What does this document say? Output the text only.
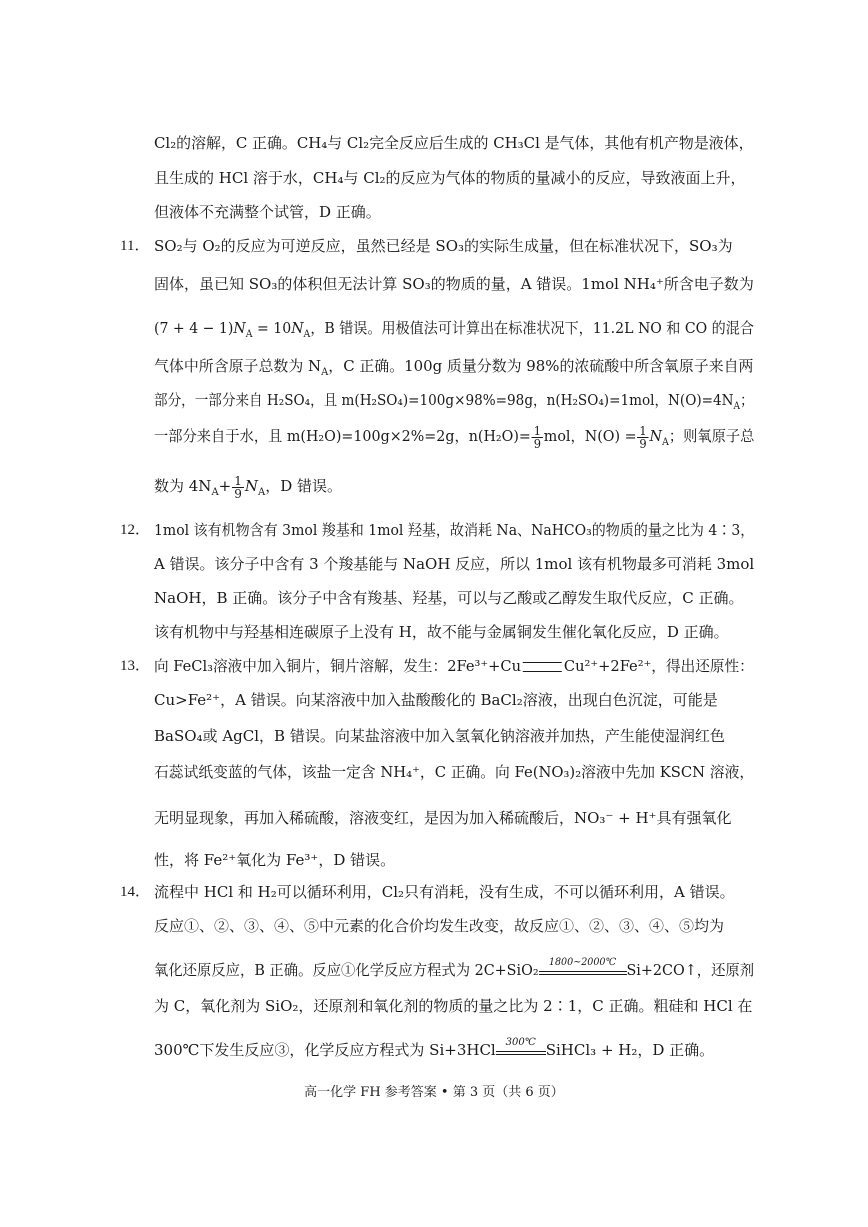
Cl₂的溶解，C 正确。CH₄与 Cl₂完全反应后生成的 CH₃Cl 是气体，其他有机产物是液体，
且生成的 HCl 溶于水，CH₄与 Cl₂的反应为气体的物质的量减小的反应，导致液面上升，
但液体不充满整个试管，D 正确。
11． SO₂与 O₂的反应为可逆反应，虽然已经是 SO₃的实际生成量，但在标准状况下，SO₃为
固体，虽已知 SO₃的体积但无法计算 SO₃的物质的量，A 错误。1mol NH₄⁺所含电子数为
$(7 + 4 - 1)N_A = 10N_A$，B 错误。用极值法可计算出在标准状况下，11.2L NO 和 CO 的混合
气体中所含原子总数为 $N_A$，C 正确。100g 质量分数为 98%的浓硫酸中所含氧原子来自两
部分，一部分来自 H₂SO₄，且 m(H₂SO₄)=100g×98%=98g，n(H₂SO₄)=1mol，$N(O)=4N_A$；
一部分来自于水，且 m(H₂O)=100g×2%=2g，$n(H_2O)= \frac{1}{9}$ mol，$N(O) = \frac{1}{9} N_A$；则氧原子总
数为 $4N_A+ \frac{1}{9} N_A$，D 错误。
12． 1mol 该有机物含有 3mol 羧基和 1mol 羟基，故消耗 Na、NaHCO₃的物质的量之比为 4∶3，
A 错误。该分子中含有 3 个羧基能与 NaOH 反应，所以 1mol 该有机物最多可消耗 3mol
NaOH，B 正确。该分子中含有羧基、羟基，可以与乙酸或乙醇发生取代反应，C 正确。
该有机物中与羟基相连碳原子上没有 H，故不能与金属铜发生催化氧化反应，D 正确。
13． 向 FeCl₃溶液中加入铜片，铜片溶解，发生：2Fe³⁺+Cu	Cu²⁺+2Fe²⁺，得出还原性：
Cu>Fe²⁺，A 错误。向某溶液中加入盐酸酸化的 BaCl₂溶液，出现白色沉淀，可能是
BaSO₄或 AgCl，B 错误。向某盐溶液中加入氢氧化钠溶液并加热，产生能使湿润红色
石蕊试纸变蓝的气体，该盐一定含 NH₄⁺，C 正确。向 Fe(NO₃)₂溶液中先加 KSCN 溶液，
无明显现象，再加入稀硫酸，溶液变红，是因为加入稀硫酸后，NO₃⁻ + H⁺具有强氧化
性，将 Fe²⁺氧化为 Fe³⁺，D 错误。
14． 流程中 HCl 和 H₂可以循环利用，Cl₂只有消耗，没有生成，不可以循环利用，A 错误。
反应①、②、③、④、⑤中元素的化合价均发生改变，故反应①、②、③、④、⑤均为
氧化还原反应，B 正确。反应①化学反应方程式为 2C+SiO₂	1800~2000℃ Si+2CO↑，还原剂
为 C，氧化剂为 SiO₂，还原剂和氧化剂的物质的量之比为 2∶1，C 正确。粗硅和 HCl 在
300℃下发生反应③，化学反应方程式为 Si+3HCl 300℃ SiHCl₃ + H₂，D 正确。
高一化学 FH 参考答案 • 第 3 页（共 6 页）
